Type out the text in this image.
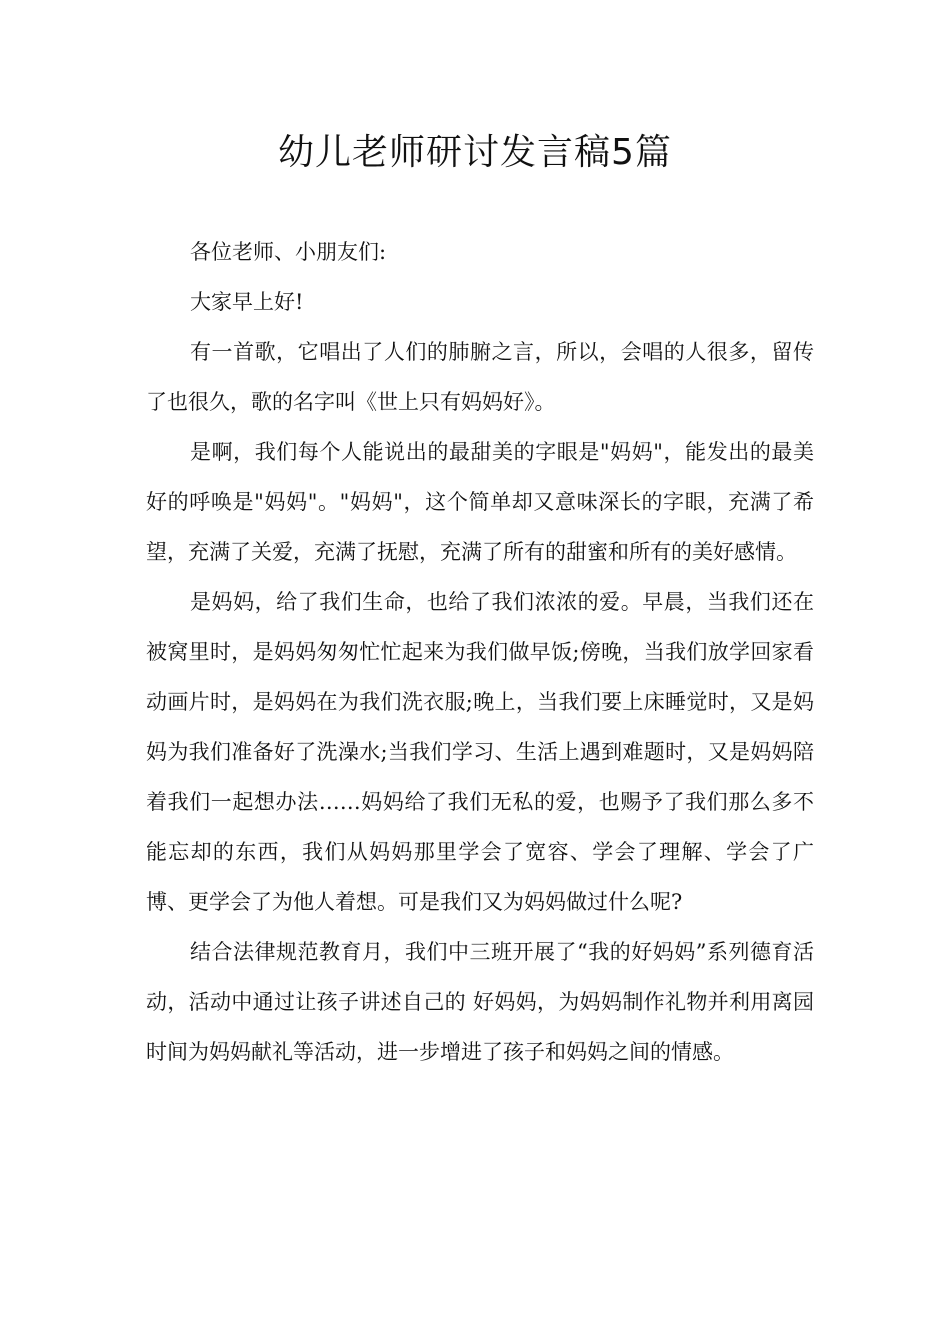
幼儿老师研讨发言稿5篇

各位老师、小朋友们:

大家早上好!

有一首歌，它唱出了人们的肺腑之言，所以，会唱的人很多，留传了也很久，歌的名字叫《世上只有妈妈好》。

是啊，我们每个人能说出的最甜美的字眼是"妈妈"，能发出的最美好的呼唤是"妈妈"。"妈妈"，这个简单却又意味深长的字眼，充满了希望，充满了关爱，充满了抚慰，充满了所有的甜蜜和所有的美好感情。

是妈妈，给了我们生命，也给了我们浓浓的爱。早晨，当我们还在被窝里时，是妈妈匆匆忙忙起来为我们做早饭;傍晚，当我们放学回家看动画片时，是妈妈在为我们洗衣服;晚上，当我们要上床睡觉时，又是妈妈为我们准备好了洗澡水;当我们学习、生活上遇到难题时，又是妈妈陪着我们一起想办法……妈妈给了我们无私的爱，也赐予了我们那么多不能忘却的东西，我们从妈妈那里学会了宽容、学会了理解、学会了广博、更学会了为他人着想。可是我们又为妈妈做过什么呢?

结合法律规范教育月，我们中三班开展了“我的好妈妈”系列德育活动，活动中通过让孩子讲述自己的 好妈妈，为妈妈制作礼物并利用离园时间为妈妈献礼等活动，进一步增进了孩子和妈妈之间的情感。
